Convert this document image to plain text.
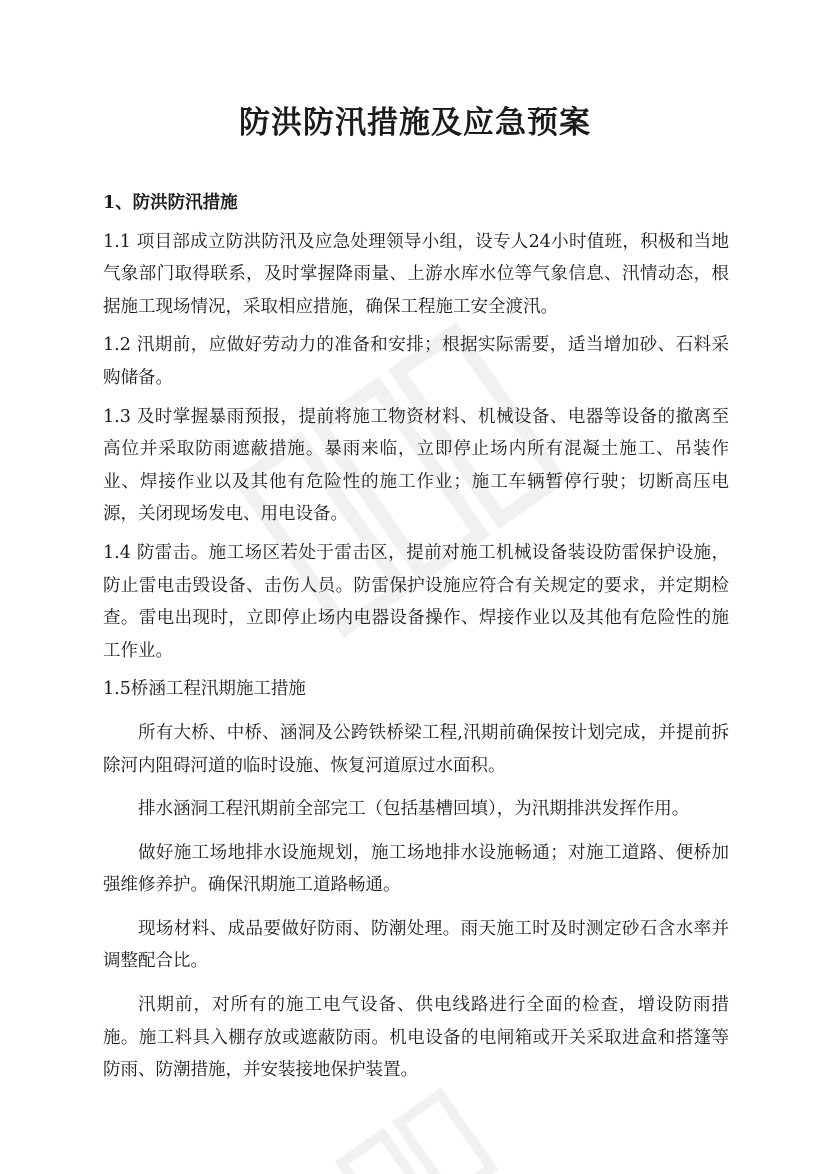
防洪防汛措施及应急预案

1、防洪防汛措施

1.1 项目部成立防洪防汛及应急处理领导小组，设专人24小时值班，积极和当地气象部门取得联系，及时掌握降雨量、上游水库水位等气象信息、汛情动态，根据施工现场情况，采取相应措施，确保工程施工安全渡汛。

1.2 汛期前，应做好劳动力的准备和安排；根据实际需要，适当增加砂、石料采购储备。

1.3 及时掌握暴雨预报，提前将施工物资材料、机械设备、电器等设备的撤离至高位并采取防雨遮蔽措施。暴雨来临，立即停止场内所有混凝土施工、吊装作业、焊接作业以及其他有危险性的施工作业；施工车辆暂停行驶；切断高压电源，关闭现场发电、用电设备。

1.4 防雷击。施工场区若处于雷击区，提前对施工机械设备装设防雷保护设施，防止雷电击毁设备、击伤人员。防雷保护设施应符合有关规定的要求，并定期检查。雷电出现时，立即停止场内电器设备操作、焊接作业以及其他有危险性的施工作业。

1.5桥涵工程汛期施工措施

所有大桥、中桥、涵洞及公跨铁桥梁工程,汛期前确保按计划完成，并提前拆除河内阻碍河道的临时设施、恢复河道原过水面积。

排水涵洞工程汛期前全部完工（包括基槽回填），为汛期排洪发挥作用。

做好施工场地排水设施规划，施工场地排水设施畅通；对施工道路、便桥加强维修养护。确保汛期施工道路畅通。

现场材料、成品要做好防雨、防潮处理。雨天施工时及时测定砂石含水率并调整配合比。

汛期前，对所有的施工电气设备、供电线路进行全面的检查，增设防雨措施。施工料具入棚存放或遮蔽防雨。机电设备的电闸箱或开关采取进盒和搭篷等防雨、防潮措施，并安装接地保护装置。
